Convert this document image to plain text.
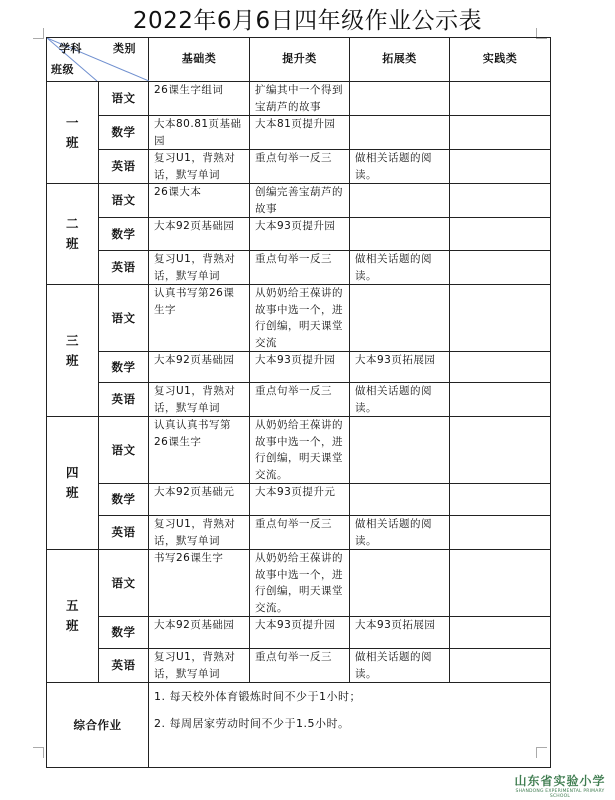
2022年6月6日四年级作业公示表
学科 类别
班级		基础类	提升类	拓展类	实践类
一
班	语文	26课生字组词	扩编其中一个得到宝葫芦的故事		
	数学	大本80.81页基础园	大本81页提升园		
	英语	复习U1，背熟对话，默写单词	重点句举一反三	做相关话题的阅读。	
二
班	语文	26课大本	创编完善宝葫芦的故事		
	数学	大本92页基础园	大本93页提升园		
	英语	复习U1，背熟对话，默写单词	重点句举一反三	做相关话题的阅读。	
三
班	语文	认真书写第26课生字	从奶奶给王葆讲的故事中选一个，进行创编，明天课堂交流		
	数学	大本92页基础园	大本93页提升园	大本93页拓展园	
	英语	复习U1，背熟对话，默写单词	重点句举一反三	做相关话题的阅读。	
四
班	语文	认真认真书写第26课生字	从奶奶给王葆讲的故事中选一个，进行创编，明天课堂交流。		
	数学	大本92页基础元	大本93页提升元		
	英语	复习U1，背熟对话，默写单词	重点句举一反三	做相关话题的阅读。	
五
班	语文	书写26课生字	从奶奶给王葆讲的故事中选一个，进行创编，明天课堂交流。		
	数学	大本92页基础园	大本93页提升园	大本93页拓展园	
	英语	复习U1，背熟对话，默写单词	重点句举一反三	做相关话题的阅读。	
综合作业		1. 每天校外体育锻炼时间不少于1小时；

2. 每周居家劳动时间不少于1.5小时。			

山东省实验小学
SHANDONG EXPERIMENTAL PRIMARY SCHOOL
